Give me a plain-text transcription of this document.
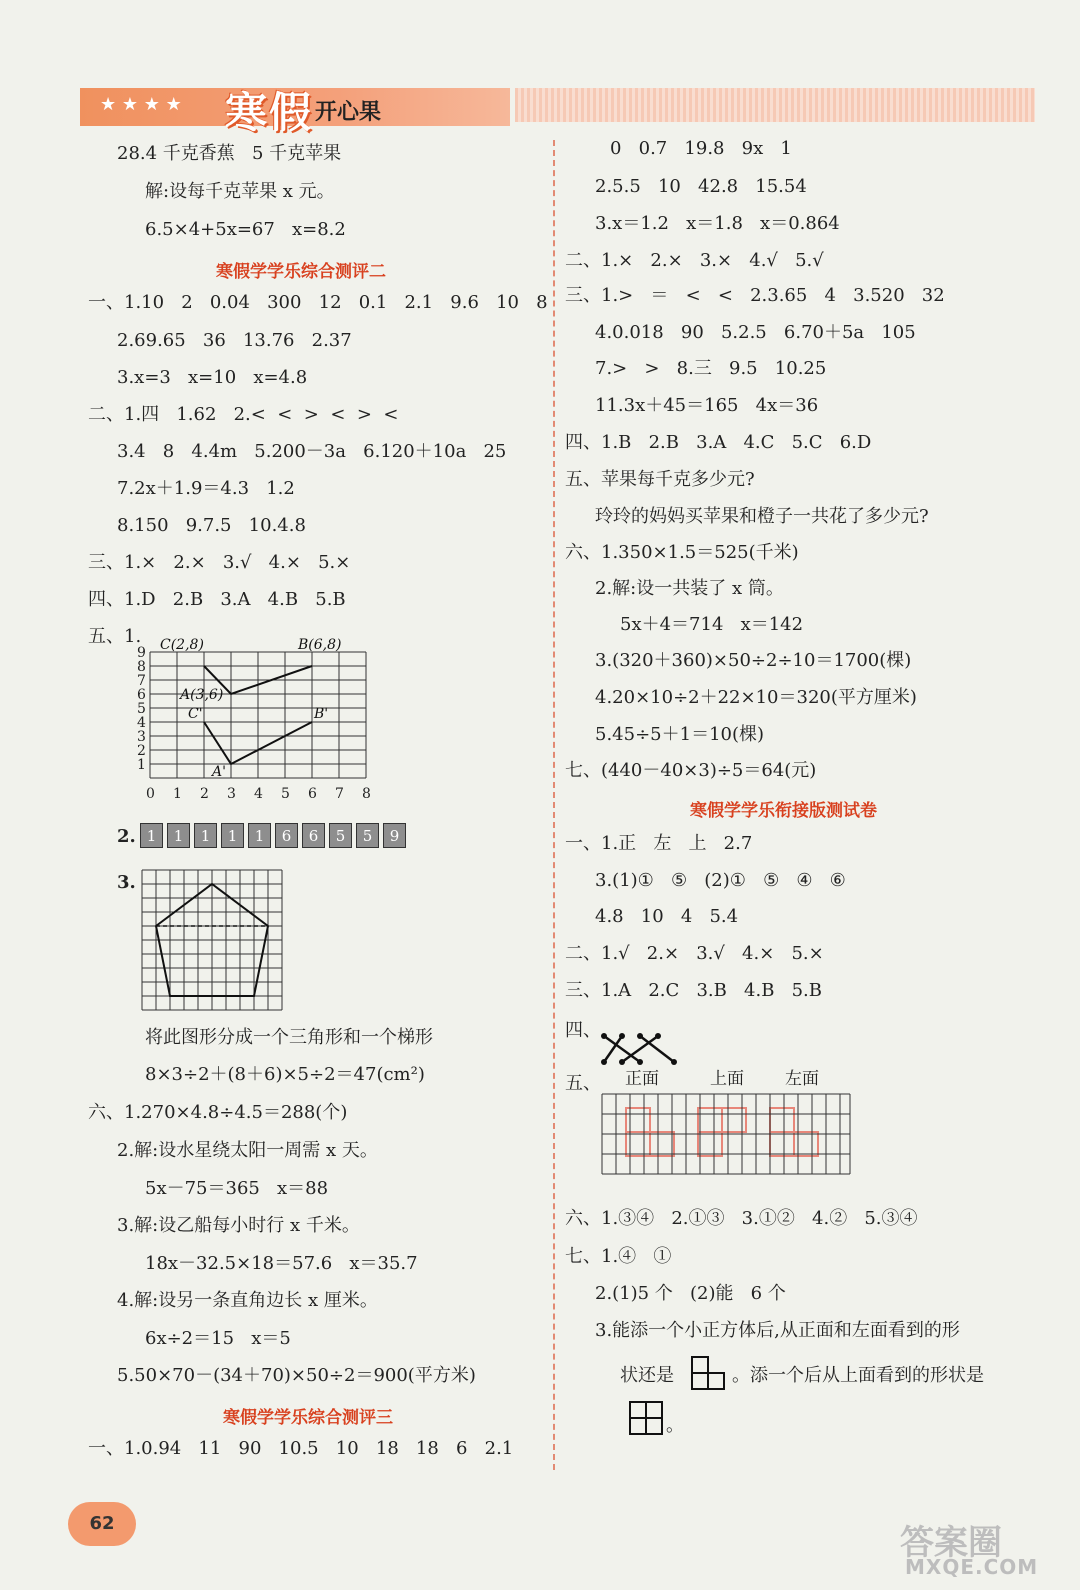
寒假 开心果
★ ★ ★ ★
28.4 千克香蕉   5 千克苹果
解:设每千克苹果 x 元。
6.5×4+5x=67   x=8.2
寒假学学乐综合测评二
一、1.10   2   0.04   300   12   0.1   2.1   9.6   10   8
2.69.65   36   13.76   2.37
3.x=3   x=10   x=4.8
二、1.四   1.62   2.<  <  >  <  >  <
3.4   8   4.4m   5.200－3a   6.120＋10a   25
7.2x＋1.9＝4.3   1.2
8.150   9.7.5   10.4.8
三、1.×   2.×   3.√   4.×   5.×
四、1.D   2.B   3.A   4.B   5.B
五、1.
0 1 2 3 4 5 6 7 8
1
2
3
4
5
6
7
8
9 C(2,8)	B(6,8)
A(3,6)
C'	B'
A'
2. 1	1	1	1	1	6	6	5	5	9
3.
将此图形分成一个三角形和一个梯形
8×3÷2＋(8＋6)×5÷2＝47(cm²)
六、1.270×4.8÷4.5＝288(个)
2.解:设水星绕太阳一周需 x 天。
5x－75＝365   x＝88
3.解:设乙船每小时行 x 千米。
18x－32.5×18＝57.6   x＝35.7
4.解:设另一条直角边长 x 厘米。
6x÷2＝15   x＝5
5.50×70－(34＋70)×50÷2＝900(平方米)
寒假学学乐综合测评三
一、1.0.94   11   90   10.5   10   18   18   6   2.1
0   0.7   19.8   9x   1
2.5.5   10   42.8   15.54
3.x＝1.2   x＝1.8   x＝0.864
二、1.×   2.×   3.×   4.√   5.√
三、1.>   ＝   <   <   2.3.65   4   3.520   32
4.0.018   90   5.2.5   6.70＋5a   105
7.>   >   8.三   9.5   10.25
11.3x＋45＝165   4x＝36
四、1.B   2.B   3.A   4.C   5.C   6.D
五、苹果每千克多少元?
玲玲的妈妈买苹果和橙子一共花了多少元?
六、1.350×1.5＝525(千米)
2.解:设一共装了 x 筒。
5x＋4＝714   x＝142
3.(320＋360)×50÷2÷10＝1700(棵)
4.20×10÷2＋22×10＝320(平方厘米)
5.45÷5＋1＝10(棵)
七、(440－40×3)÷5＝64(元)
寒假学学乐衔接版测试卷
一、1.正   左   上   2.7
3.(1)①   ⑤   (2)①   ⑤   ④   ⑥
4.8   10   4   5.4
二、1.√   2.×   3.√   4.×   5.×
三、1.A   2.C   3.B   4.B   5.B
四、
五、 正面	上面 左面
六、1.③④   2.①③   3.①②   4.②   5.③④
七、1.④   ①
2.(1)5 个   (2)能   6 个
3.能添一个小正方体后,从正面和左面看到的形
状还是	。添一个后从上面看到的形状是
。
62	答案圈
MXQE.COM
